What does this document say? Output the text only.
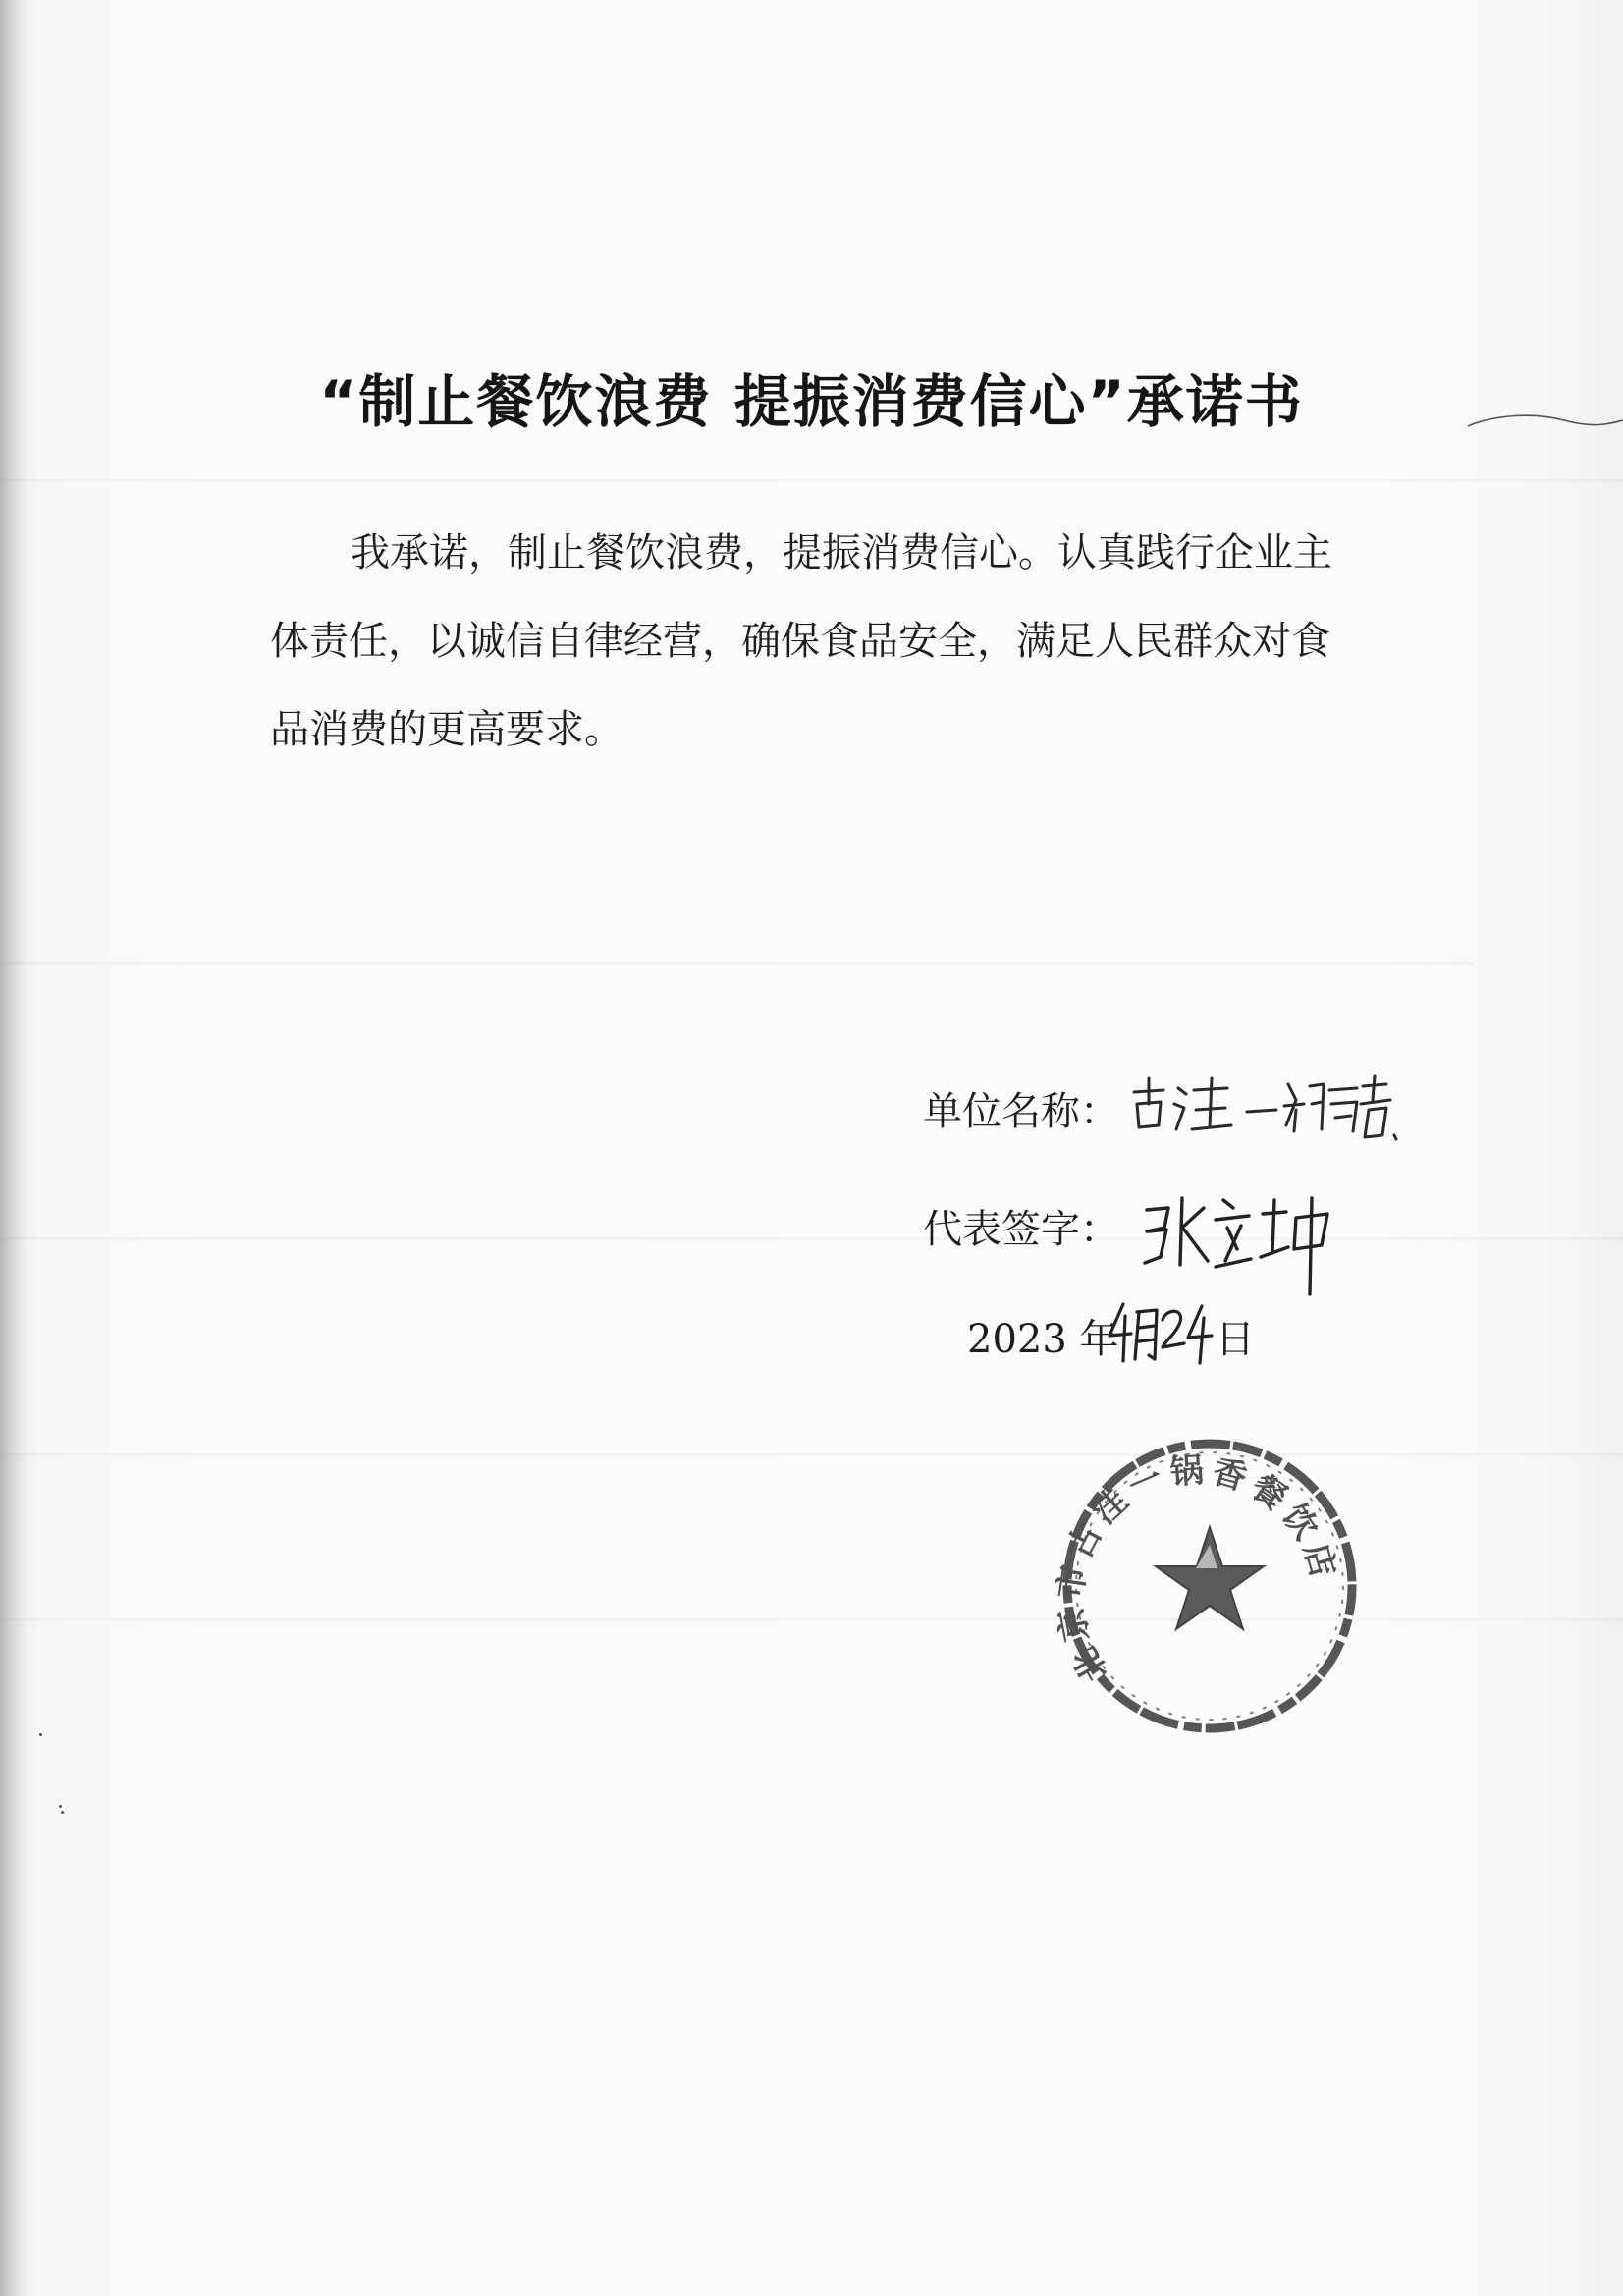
“制止餐饮浪费 提振消费信心”承诺书

我承诺，制止餐饮浪费，提振消费信心。认真践行企业主

体责任，以诚信自律经营，确保食品安全，满足人民群众对食

品消费的更高要求。

单位名称：
代表签字：
2023 年 日
北京市古洼一锅香餐饮店
